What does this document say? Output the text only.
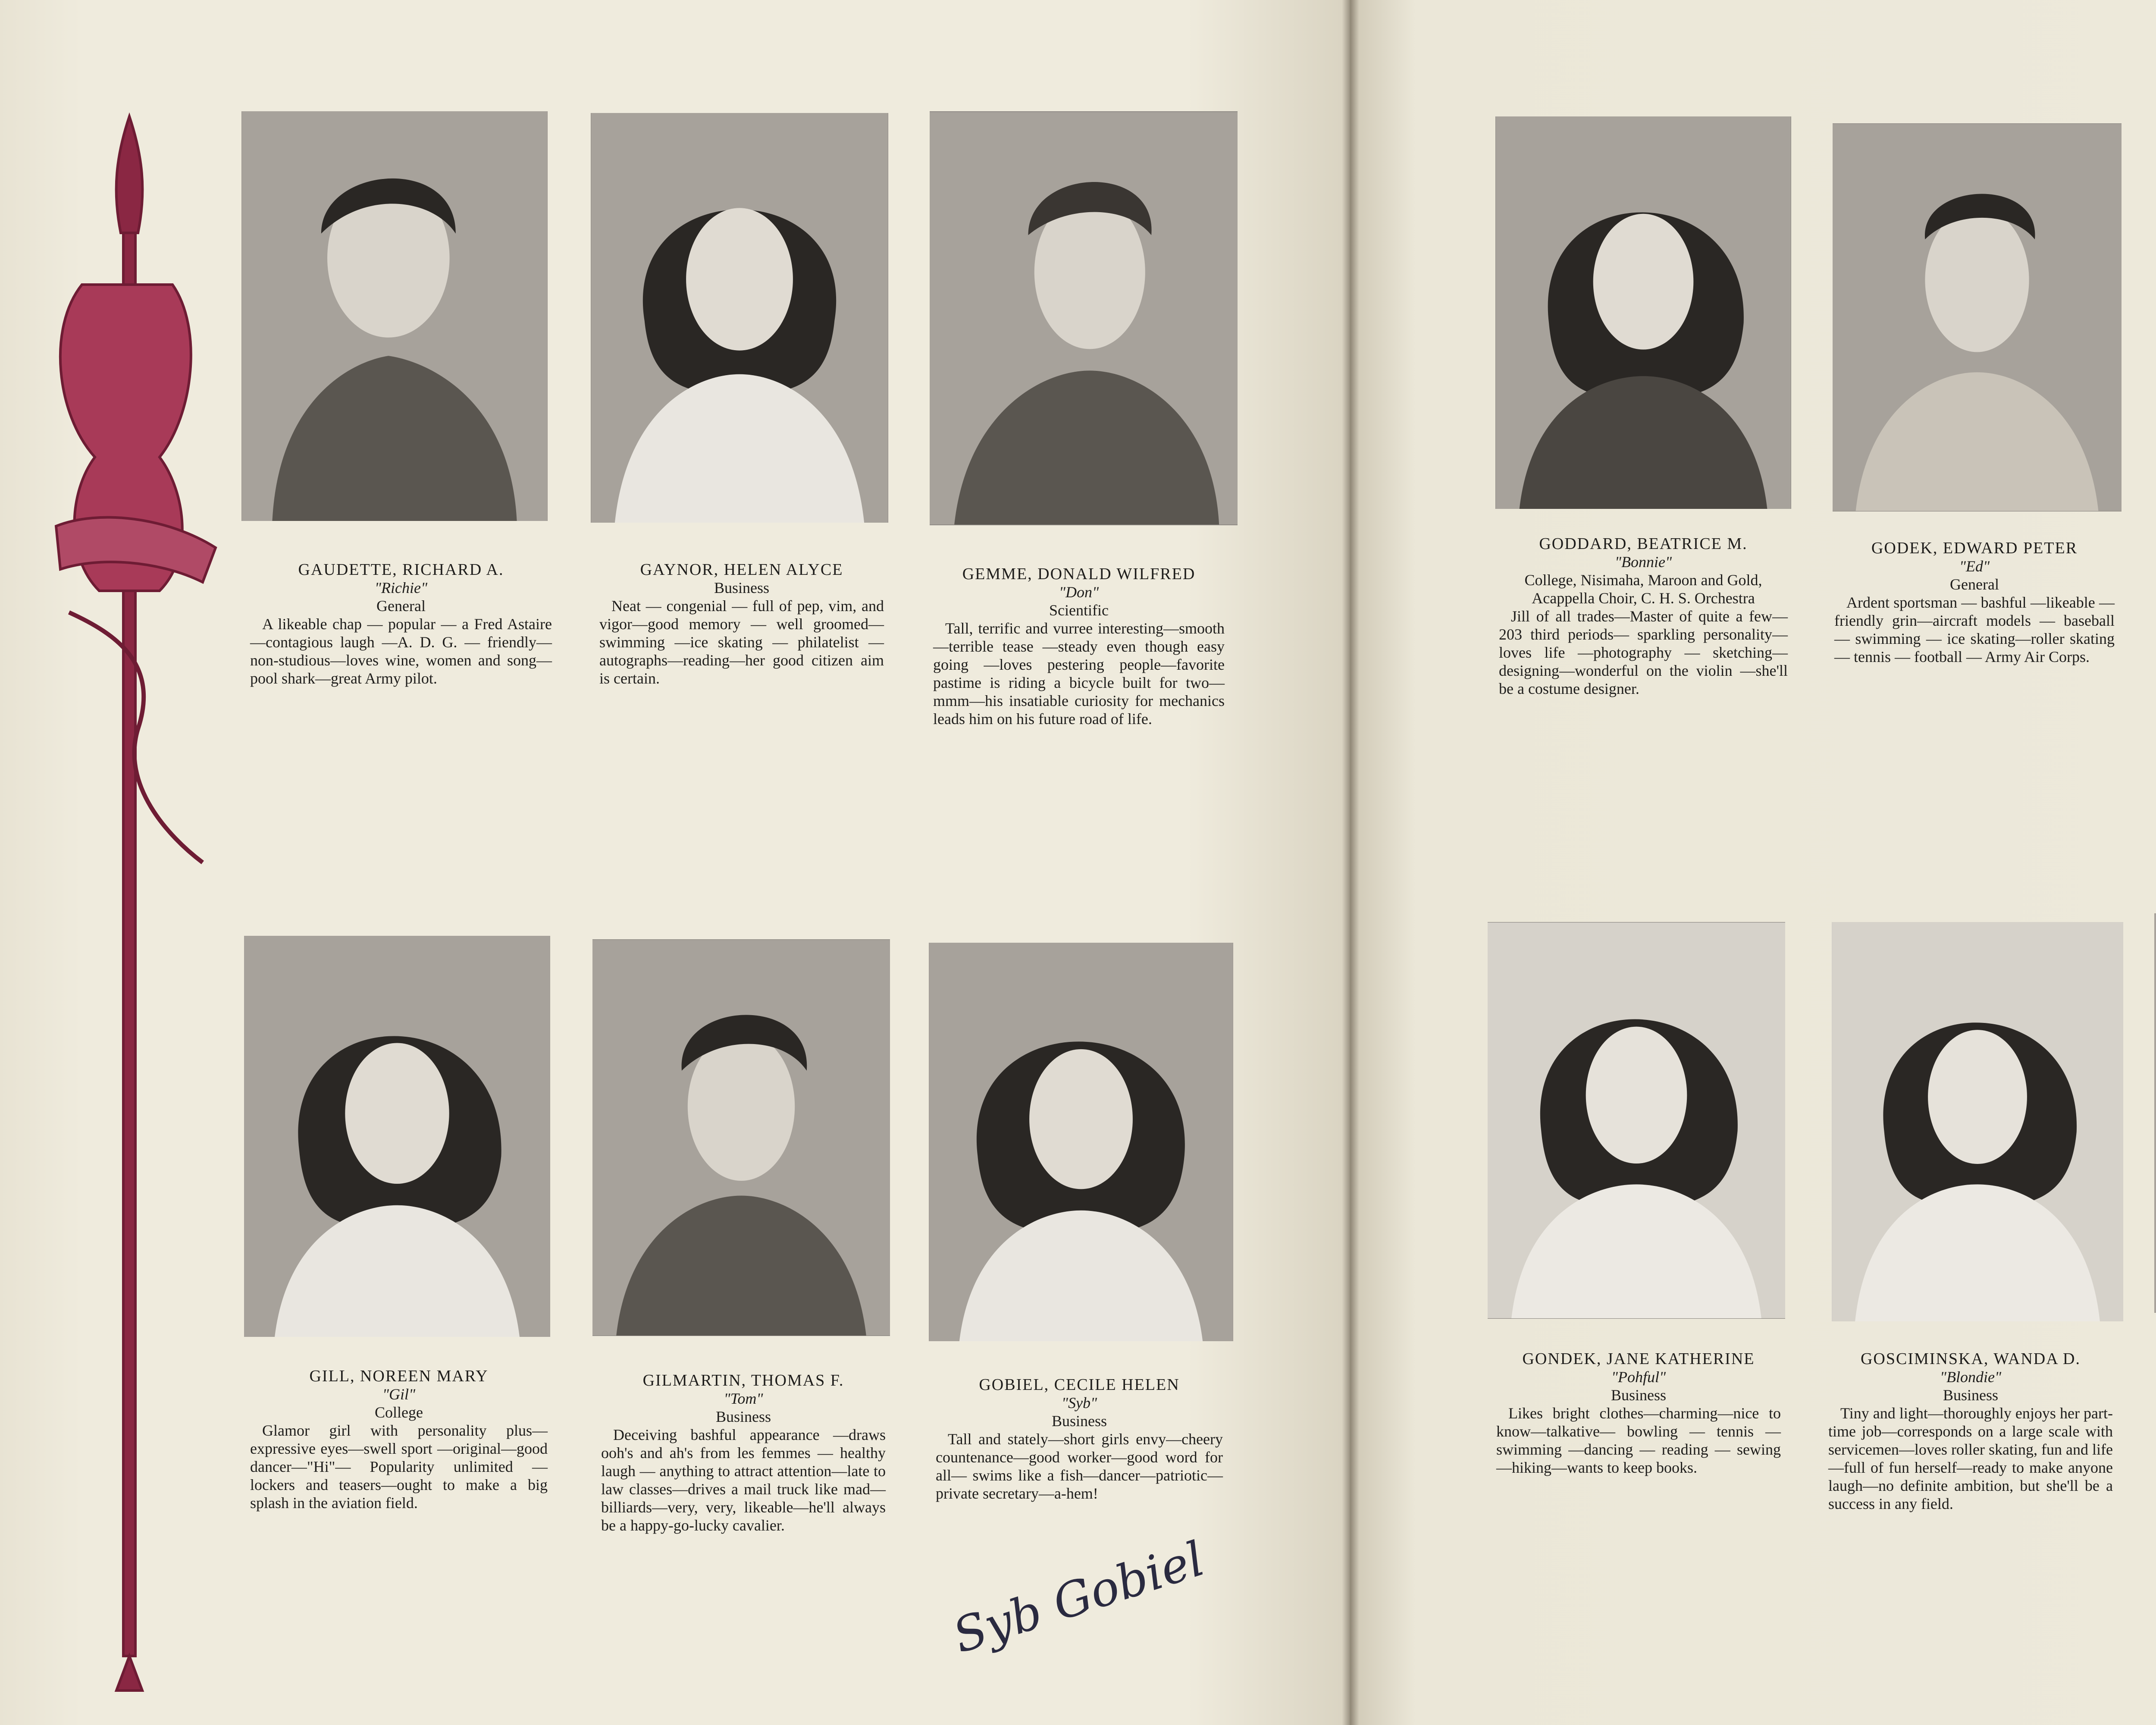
GAUDETTE, RICHARD A.
"Richie"
General
A likeable chap — popular — a Fred Astaire—contagious laugh —A. D. G. — friendly—non-studious—loves wine, women and song—pool shark—great Army pilot.
GAYNOR, HELEN ALYCE
Business
Neat — congenial — full of pep, vim, and vigor—good memory — well groomed—swimming —ice skating — philatelist — autographs—reading—her good citizen aim is certain.
GEMME, DONALD WILFRED
"Don"
Scientific
Tall, terrific and vurree interesting—smooth—terrible tease —steady even though easy going —loves pestering people—favorite pastime is riding a bicycle built for two—mmm—his insatiable curiosity for mechanics leads him on his future road of life.
GILL, NOREEN MARY
"Gil"
College
Glamor girl with personality plus—expressive eyes—swell sport —original—good dancer—"Hi"— Popularity unlimited — lockers and teasers—ought to make a big splash in the aviation field.
GILMARTIN, THOMAS F.
"Tom"
Business
Deceiving bashful appearance —draws ooh's and ah's from les femmes — healthy laugh — anything to attract attention—late to law classes—drives a mail truck like mad—billiards—very, very, likeable—he'll always be a happy-go-lucky cavalier.
GOBIEL, CECILE HELEN
"Syb"
Business
Tall and stately—short girls envy—cheery countenance—good worker—good word for all— swims like a fish—dancer—patriotic—private secretary—a-hem!
GODDARD, BEATRICE M.
"Bonnie"
College, Nisimaha, Maroon and Gold, Acappella Choir, C. H. S. Orchestra
Jill of all trades—Master of quite a few—203 third periods— sparkling personality—loves life —photography — sketching—designing—wonderful on the violin —she'll be a costume designer.
GODEK, EDWARD PETER
"Ed"
General
Ardent sportsman — bashful —likeable — friendly grin—aircraft models — baseball — swimming — ice skating—roller skating — tennis — football — Army Air Corps.
GONDEK, JANE KATHERINE
"Pohful"
Business
Likes bright clothes—charming—nice to know—talkative— bowling — tennis — swimming —dancing — reading — sewing —hiking—wants to keep books.
GOSCIMINSKA, WANDA D.
"Blondie"
Business
Tiny and light—thoroughly enjoys her part-time job—corresponds on a large scale with servicemen—loves roller skating, fun and life—full of fun herself—ready to make anyone laugh—no definite ambition, but she'll be a success in any field.
Syb Gobiel
